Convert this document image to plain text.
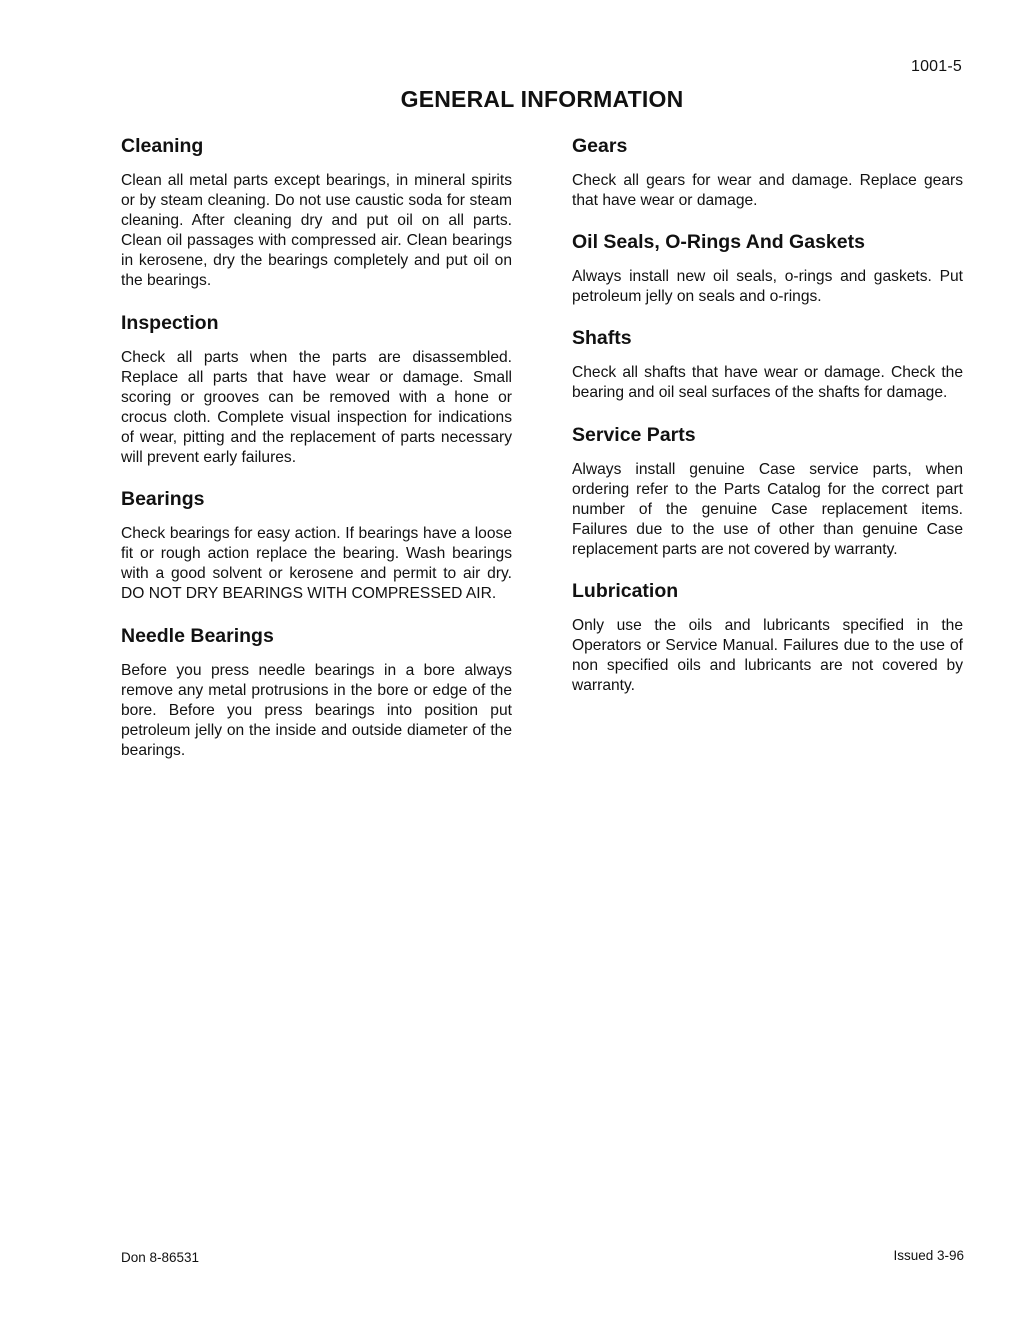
1001-5
GENERAL INFORMATION
Cleaning

Clean all metal parts except bearings, in mineral spirits or by steam cleaning. Do not use caustic soda for steam cleaning. After cleaning dry and put oil on all parts. Clean oil passages with compressed air. Clean bearings in kerosene, dry the bearings completely and put oil on the bearings.

Inspection

Check all parts when the parts are disassembled. Replace all parts that have wear or damage. Small scoring or grooves can be removed with a hone or crocus cloth. Complete visual inspection for indications of wear, pitting and the replacement of parts necessary will prevent early failures.

Bearings

Check bearings for easy action. If bearings have a loose fit or rough action replace the bearing. Wash bearings with a good solvent or kerosene and permit to air dry. DO NOT DRY BEARINGS WITH COMPRESSED AIR.

Needle Bearings

Before you press needle bearings in a bore always remove any metal protrusions in the bore or edge of the bore. Before you press bearings into position put petroleum jelly on the inside and outside diameter of the bearings.

Gears

Check all gears for wear and damage. Replace gears that have wear or damage.

Oil Seals, O-Rings And Gaskets

Always install new oil seals, o-rings and gaskets. Put petroleum jelly on seals and o-rings.

Shafts

Check all shafts that have wear or damage. Check the bearing and oil seal surfaces of the shafts for damage.

Service Parts

Always install genuine Case service parts, when ordering refer to the Parts Catalog for the correct part number of the genuine Case replacement items. Failures due to the use of other than genuine Case replacement parts are not covered by warranty.

Lubrication

Only use the oils and lubricants specified in the Operators or Service Manual. Failures due to the use of non specified oils and lubricants are not covered by warranty.

Don 8-86531	Issued 3-96
